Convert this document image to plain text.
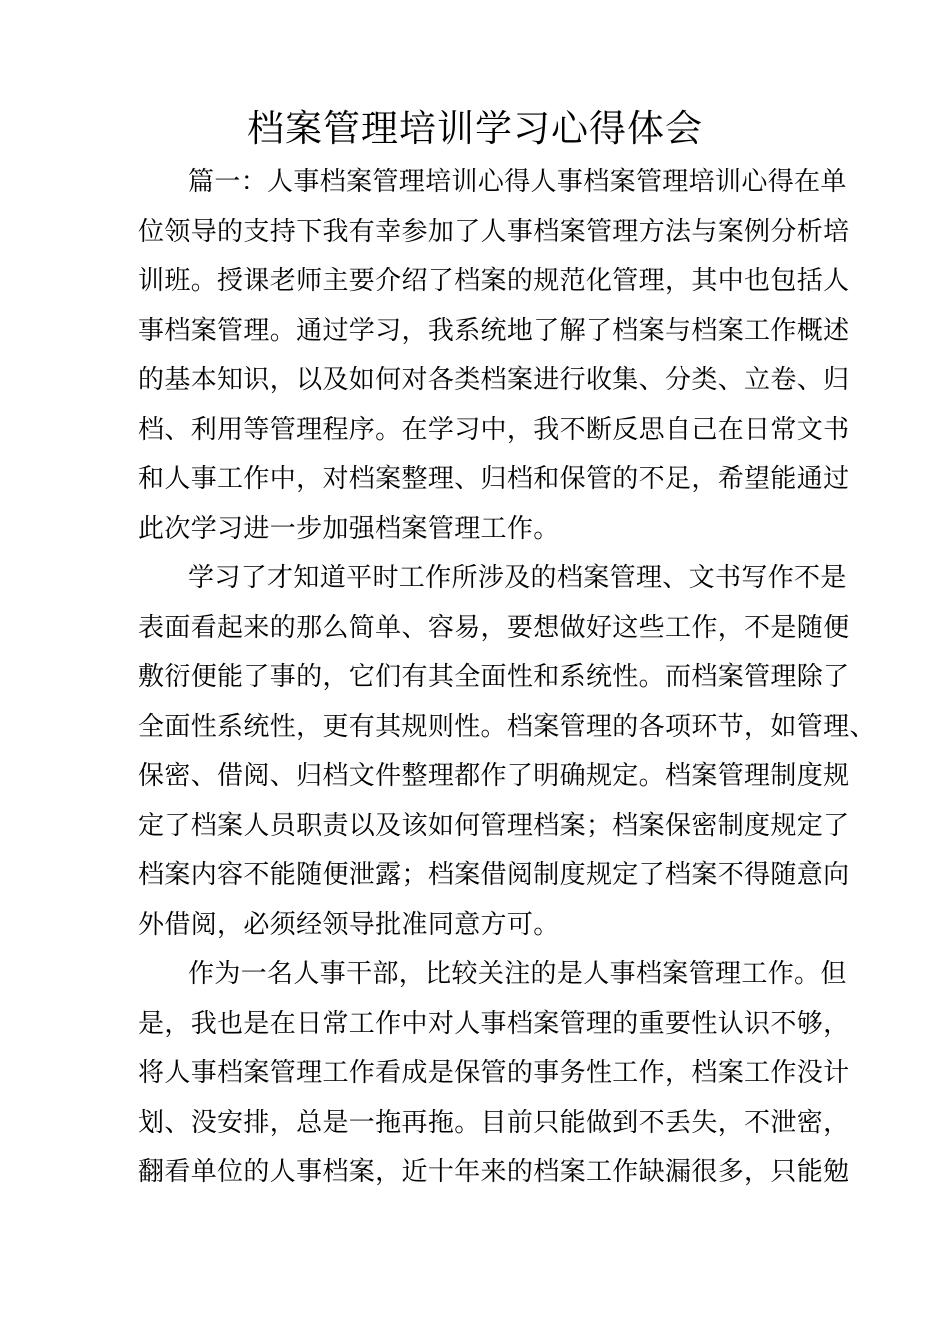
档案管理培训学习心得体会
篇一：人事档案管理培训心得人事档案管理培训心得在单
位领导的支持下我有幸参加了人事档案管理方法与案例分析培
训班。授课老师主要介绍了档案的规范化管理，其中也包括人
事档案管理。通过学习，我系统地了解了档案与档案工作概述
的基本知识，以及如何对各类档案进行收集、分类、立卷、归
档、利用等管理程序。在学习中，我不断反思自己在日常文书
和人事工作中，对档案整理、归档和保管的不足，希望能通过
此次学习进一步加强档案管理工作。
学习了才知道平时工作所涉及的档案管理、文书写作不是
表面看起来的那么简单、容易，要想做好这些工作，不是随便
敷衍便能了事的，它们有其全面性和系统性。而档案管理除了
全面性系统性，更有其规则性。档案管理的各项环节，如管理、
保密、借阅、归档文件整理都作了明确规定。档案管理制度规
定了档案人员职责以及该如何管理档案；档案保密制度规定了
档案内容不能随便泄露；档案借阅制度规定了档案不得随意向
外借阅，必须经领导批准同意方可。
作为一名人事干部，比较关注的是人事档案管理工作。但
是，我也是在日常工作中对人事档案管理的重要性认识不够，
将人事档案管理工作看成是保管的事务性工作，档案工作没计
划、没安排，总是一拖再拖。目前只能做到不丢失，不泄密，
翻看单位的人事档案，近十年来的档案工作缺漏很多，只能勉
